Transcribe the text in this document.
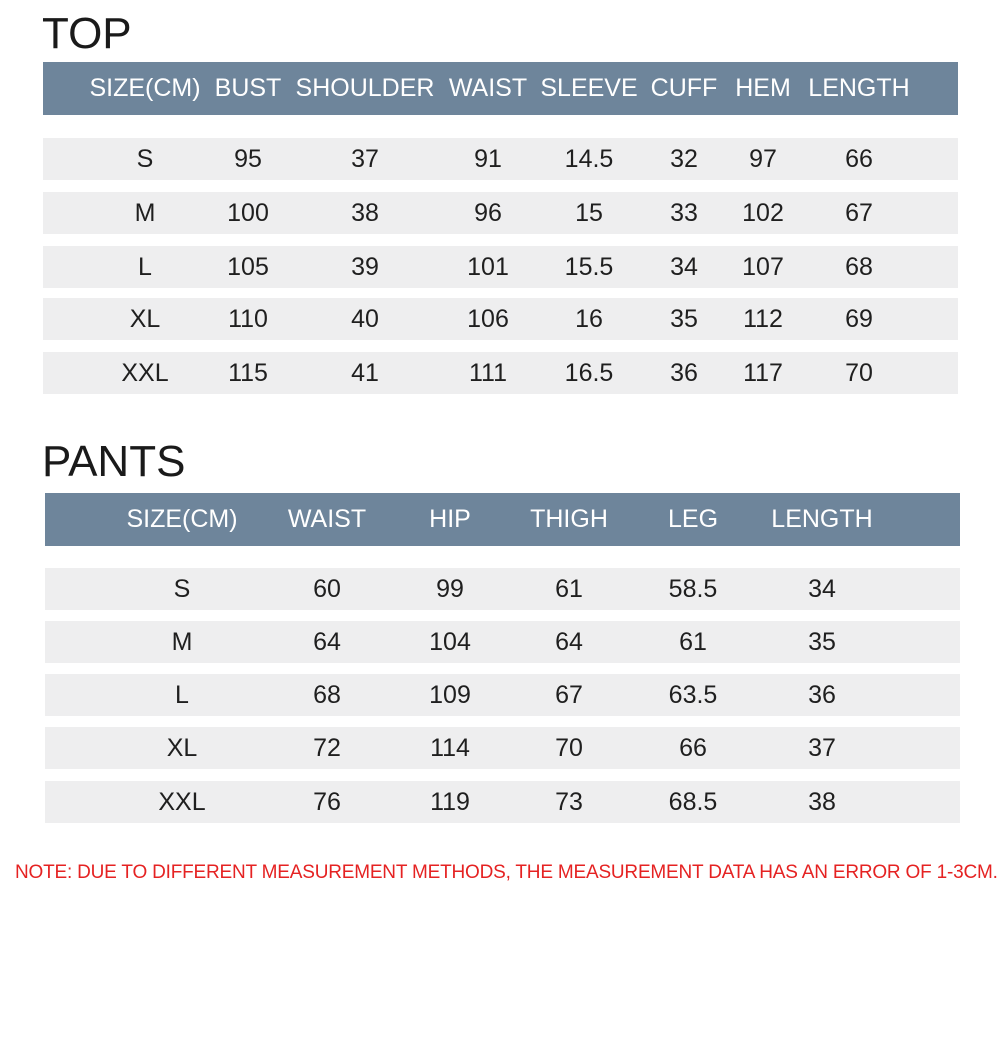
TOP
SIZE(CM) BUST SHOULDER WAIST SLEEVE CUFF HEM LENGTH
S	95	37	91	14.5 32 97	66
M	100	38	96	15	33 102 67
L	105	39	101 15.5 34 107 68
XL	110	40	106	16	35 112 69
XXL 115	41	111 16.5 36 117 70
PANTS
SIZE(CM) WAIST	HIP THIGH LEG LENGTH
S	60	99	61	58.5	34
M	64	104	64	61	35
L	68	109	67	63.5	36
XL	72	114	70	66	37
XXL	76	119	73	68.5	38

NOTE: DUE TO DIFFERENT MEASUREMENT METHODS, THE MEASUREMENT DATA HAS AN ERROR OF 1-3CM.
